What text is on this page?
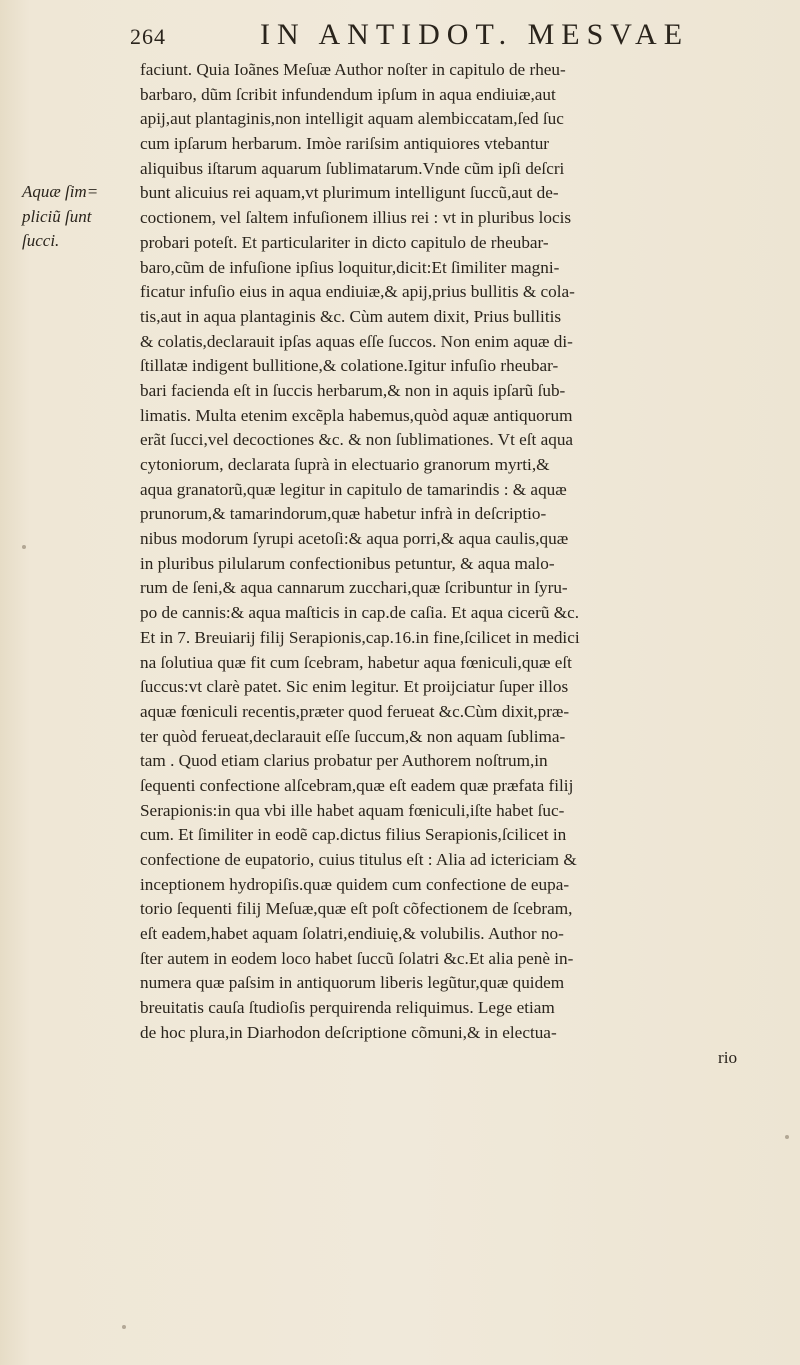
264	IN ANTIDOT. MESVAE
Aquæ ſim=
pliciũ ſunt
ſucci.
faciunt. Quia Ioãnes Meſuæ Author noſter in capitulo de rheu-
barbaro, dũm ſcribit infundendum ipſum in aqua endiuiæ,aut
apij,aut plantaginis,non intelligit aquam alembiccatam,ſed ſuc
cum ipſarum herbarum. Imòe rariſsim antiquiores vtebantur
aliquibus iſtarum aquarum ſublimatarum.Vnde cũm ipſi deſcri
bunt alicuius rei aquam,vt plurimum intelligunt ſuccũ,aut de-
coctionem, vel ſaltem infuſionem illius rei : vt in pluribus locis
probari poteſt. Et particulariter in dicto capitulo de rheubar-
baro,cũm de infuſione ipſius loquitur,dicit:Et ſimiliter magni-
ficatur infuſio eius in aqua endiuiæ,& apij,prius bullitis & cola-
tis,aut in aqua plantaginis &c. Cùm autem dixit, Prius bullitis
& colatis,declarauit ipſas aquas eſſe ſuccos. Non enim aquæ di-
ſtillatæ indigent bullitione,& colatione.Igitur infuſio rheubar-
bari facienda eſt in ſuccis herbarum,& non in aquis ipſarũ ſub-
limatis. Multa etenim excẽpla habemus,quòd aquæ antiquorum
erãt ſucci,vel decoctiones &c. & non ſublimationes. Vt eſt aqua
cytoniorum, declarata ſuprà in electuario granorum myrti,&
aqua granatorũ,quæ legitur in capitulo de tamarindis : & aquæ
prunorum,& tamarindorum,quæ habetur infrà in deſcriptio-
nibus modorum ſyrupi acetoſi:& aqua porri,& aqua caulis,quæ
in pluribus pilularum confectionibus petuntur, & aqua malo-
rum de ſeni,& aqua cannarum zucchari,quæ ſcribuntur in ſyru-
po de cannis:& aqua maſticis in cap.de caſia. Et aqua cicerũ &c.
Et in 7. Breuiarij filij Serapionis,cap.16.in fine,ſcilicet in medici
na ſolutiua quæ fit cum ſcebram, habetur aqua fœniculi,quæ eſt
ſuccus:vt clarè patet. Sic enim legitur. Et proijciatur ſuper illos
aquæ fœniculi recentis,præter quod ferueat &c.Cùm dixit,præ-
ter quòd ferueat,declarauit eſſe ſuccum,& non aquam ſublima-
tam . Quod etiam clarius probatur per Authorem noſtrum,in
ſequenti confectione alſcebram,quæ eſt eadem quæ præfata filij
Serapionis:in qua vbi ille habet aquam fœniculi,iſte habet ſuc-
cum. Et ſimiliter in eodẽ cap.dictus filius Serapionis,ſcilicet in
confectione de eupatorio, cuius titulus eſt : Alia ad ictericiam &
inceptionem hydropiſis.quæ quidem cum confectione de eupa-
torio ſequenti filij Meſuæ,quæ eſt poſt cõfectionem de ſcebram,
eſt eadem,habet aquam ſolatri,endiuię,& volubilis. Author no-
ſter autem in eodem loco habet ſuccũ ſolatri &c.Et alia penè in-
numera quæ paſsim in antiquorum liberis legũtur,quæ quidem
breuitatis cauſa ſtudioſis perquirenda reliquimus. Lege etiam
de hoc plura,in Diarhodon deſcriptione cõmuni,& in electua-
rio
